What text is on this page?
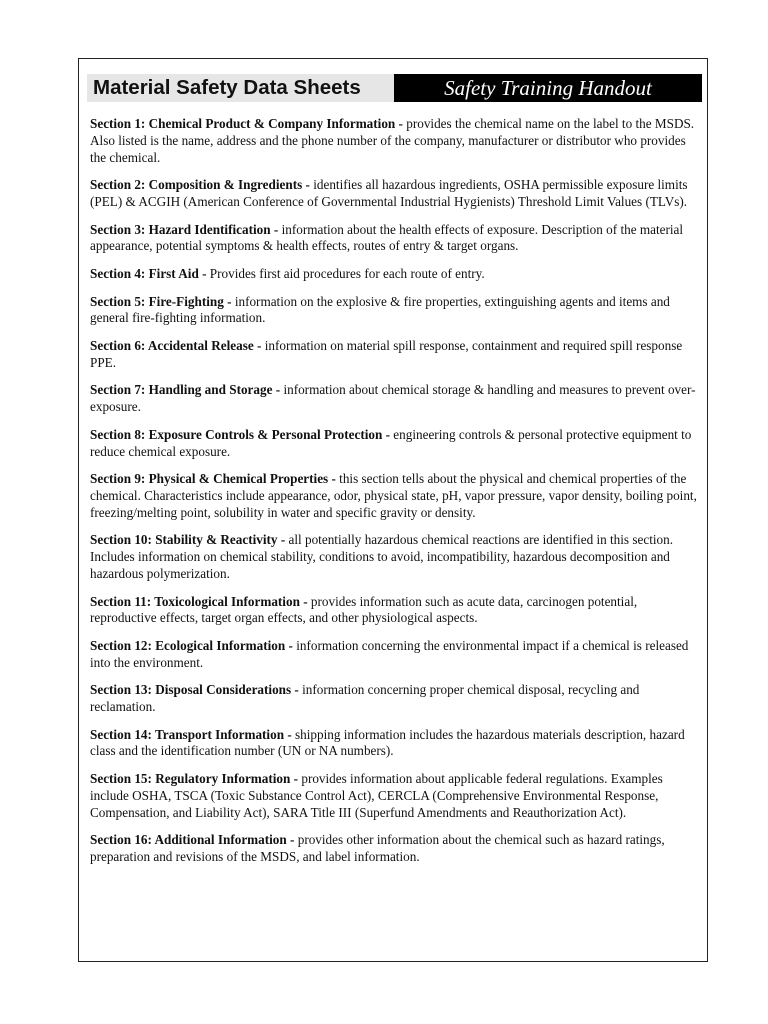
Material Safety Data Sheets	Safety Training Handout

Section 1: Chemical Product & Company Information - provides the chemical name on the label to the MSDS. Also listed is the name, address and the phone number of the company, manufacturer or distributor who provides the chemical.

Section 2: Composition & Ingredients - identifies all hazardous ingredients, OSHA permissible exposure limits (PEL) & ACGIH (American Conference of Governmental Industrial Hygienists) Threshold Limit Values (TLVs).

Section 3: Hazard Identification - information about the health effects of exposure. Description of the material appearance, potential symptoms & health effects, routes of entry & target organs.

Section 4: First Aid - Provides first aid procedures for each route of entry.

Section 5: Fire-Fighting - information on the explosive & fire properties, extinguishing agents and items and general fire-fighting information.

Section 6: Accidental Release - information on material spill response, containment and required spill response PPE.

Section 7: Handling and Storage - information about chemical storage & handling and measures to prevent over-exposure.

Section 8: Exposure Controls & Personal Protection - engineering controls & personal protective equipment to reduce chemical exposure.

Section 9: Physical & Chemical Properties - this section tells about the physical and chemical properties of the chemical. Characteristics include appearance, odor, physical state, pH, vapor pressure, vapor density, boiling point, freezing/melting point, solubility in water and specific gravity or density.

Section 10: Stability & Reactivity - all potentially hazardous chemical reactions are identified in this section. Includes information on chemical stability, conditions to avoid, incompatibility, hazardous decomposition and hazardous polymerization.

Section 11: Toxicological Information - provides information such as acute data, carcinogen potential, reproductive effects, target organ effects, and other physiological aspects.

Section 12: Ecological Information - information concerning the environmental impact if a chemical is released into the environment.

Section 13: Disposal Considerations - information concerning proper chemical disposal, recycling and reclamation.

Section 14: Transport Information - shipping information includes the hazardous materials description, hazard class and the identification number (UN or NA numbers).

Section 15: Regulatory Information - provides information about applicable federal regulations. Examples include OSHA, TSCA (Toxic Substance Control Act), CERCLA (Comprehensive Environmental Response, Compensation, and Liability Act), SARA Title III (Superfund Amendments and Reauthorization Act).

Section 16: Additional Information - provides other information about the chemical such as hazard ratings, preparation and revisions of the MSDS, and label information.
